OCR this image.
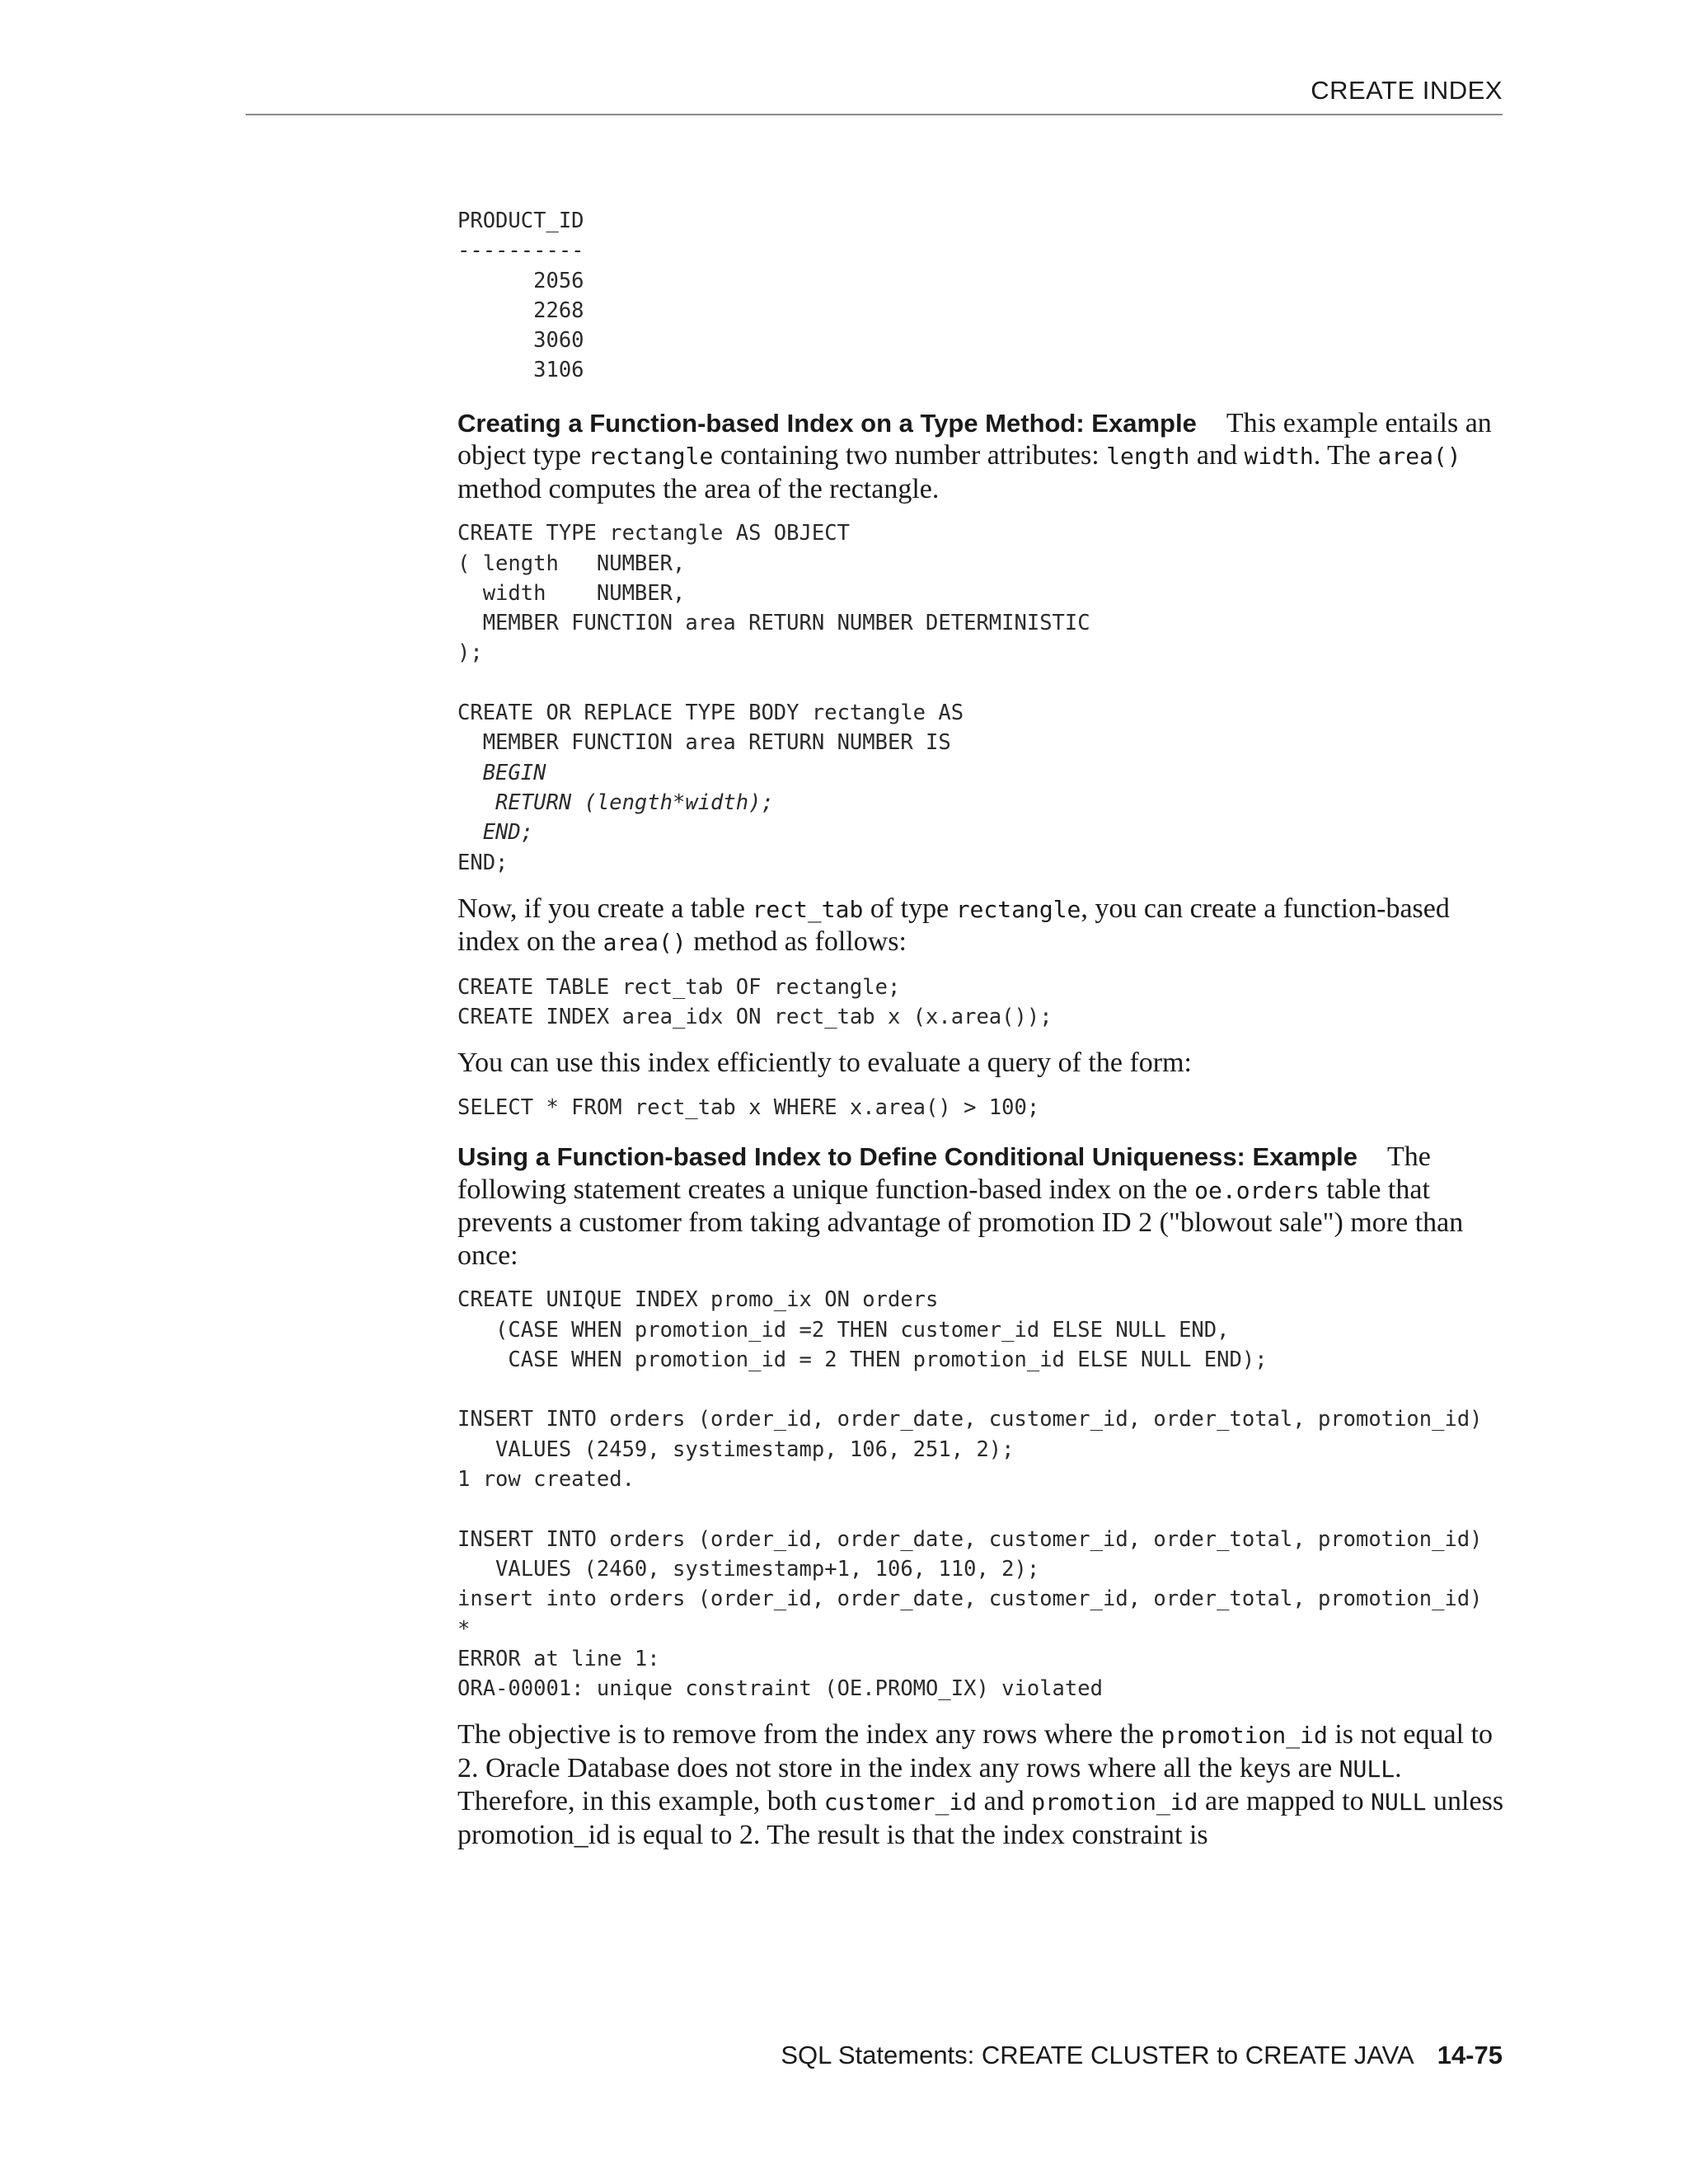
CREATE INDEX
PRODUCT_ID
----------
2056
2268
3060
3106

Creating a Function-based Index on a Type Method: Example This example entails an object type rectangle containing two number attributes: length and width. The area() method computes the area of the rectangle.

CREATE TYPE rectangle AS OBJECT
( length   NUMBER,
width    NUMBER,
MEMBER FUNCTION area RETURN NUMBER DETERMINISTIC
);

CREATE OR REPLACE TYPE BODY rectangle AS
MEMBER FUNCTION area RETURN NUMBER IS
BEGIN
RETURN (length*width);
END;
END;

Now, if you create a table rect_tab of type rectangle, you can create a function-based index on the area() method as follows:

CREATE TABLE rect_tab OF rectangle;
CREATE INDEX area_idx ON rect_tab x (x.area());

You can use this index efficiently to evaluate a query of the form:

SELECT * FROM rect_tab x WHERE x.area() > 100;

Using a Function-based Index to Define Conditional Uniqueness: Example The following statement creates a unique function-based index on the oe.orders table that prevents a customer from taking advantage of promotion ID 2 ("blowout sale") more than once:

CREATE UNIQUE INDEX promo_ix ON orders
(CASE WHEN promotion_id =2 THEN customer_id ELSE NULL END,
CASE WHEN promotion_id = 2 THEN promotion_id ELSE NULL END);

INSERT INTO orders (order_id, order_date, customer_id, order_total, promotion_id)
VALUES (2459, systimestamp, 106, 251, 2);
1 row created.

INSERT INTO orders (order_id, order_date, customer_id, order_total, promotion_id)
VALUES (2460, systimestamp+1, 106, 110, 2);
insert into orders (order_id, order_date, customer_id, order_total, promotion_id)
*
ERROR at line 1:
ORA-00001: unique constraint (OE.PROMO_IX) violated

The objective is to remove from the index any rows where the promotion_id is not equal to 2. Oracle Database does not store in the index any rows where all the keys are NULL. Therefore, in this example, both customer_id and promotion_id are mapped to NULL unless promotion_id is equal to 2. The result is that the index constraint is

SQL Statements: CREATE CLUSTER to CREATE JAVA 14-75
